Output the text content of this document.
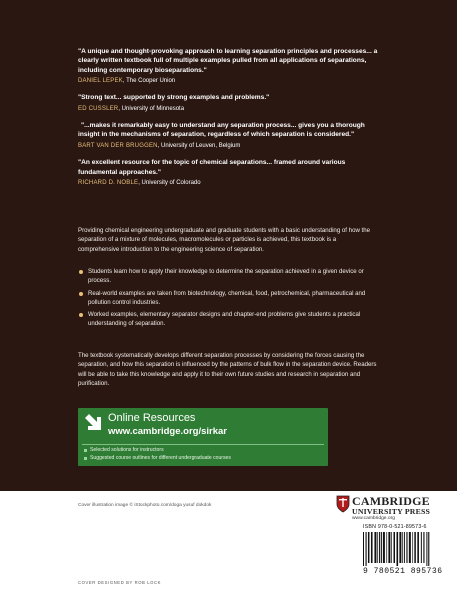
"A unique and thought-provoking approach to learning separation principles and processes... a clearly written textbook full of multiple examples pulled from all applications of separations, including contemporary bioseparations."

DANIEL LEPEK, The Cooper Union

"Strong text... supported by strong examples and problems."

ED CUSSLER, University of Minnesota

"...makes it remarkably easy to understand any separation process... gives you a thorough insight in the mechanisms of separation, regardless of which separation is considered."

BART VAN DER BRUGGEN, University of Leuven, Belgium

"An excellent resource for the topic of chemical separations... framed around various fundamental approaches."

RICHARD D. NOBLE, University of Colorado

Providing chemical engineering undergraduate and graduate students with a basic understanding of how the separation of a mixture of molecules, macromolecules or particles is achieved, this textbook is a comprehensive introduction to the engineering science of separation.

Students learn how to apply their knowledge to determine the separation achieved in a given device or process.
Real-world examples are taken from biotechnology, chemical, food, petrochemical, pharmaceutical and pollution control industries.
Worked examples, elementary separator designs and chapter-end problems give students a practical understanding of separation.

The textbook systematically develops different separation processes by considering the forces causing the separation, and how this separation is influenced by the patterns of bulk flow in the separation device. Readers will be able to take this knowledge and apply it to their own future studies and research in separation and purification.

Online Resources
www.cambridge.org/sirkar
Selected solutions for instructors
Suggested course outlines for different undergraduate courses
Cover illustration image © iStockphoto.com/doga yusuf dokdok
COVER DESIGNED BY ROB LOCK
CAMBRIDGE
UNIVERSITY PRESS
www.cambridge.org
ISBN 978-0-521-89573-6
9 780521 895736
